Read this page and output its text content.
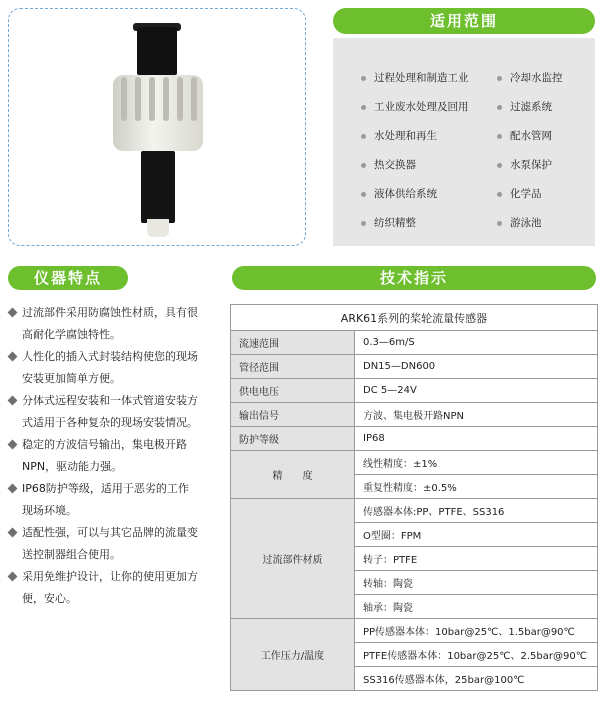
适用范围
过程处理和制造工业
工业废水处理及回用
水处理和再生
热交换器
液体供给系统
纺织精整
冷却水监控
过滤系统
配水管网
水泵保护
化学品
游泳池
仪器特点
过流部件采用防腐蚀性材质，具有很高耐化学腐蚀特性。
人性化的插入式封装结构使您的现场安装更加简单方便。
分体式远程安装和一体式管道安装方式适用于各种复杂的现场安装情况。
稳定的方波信号输出，集电极开路NPN，驱动能力强。
IP68防护等级，适用于恶劣的工作现场环境。
适配性强，可以与其它品牌的流量变送控制器组合使用。
采用免维护设计，让你的使用更加方便，安心。
技术指示
ARK61系列的桨轮流量传感器	
流速范围	0.3—6m/S
管径范围	DN15—DN600
供电电压	DC 5—24V
输出信号	方波、集电极开路NPN
防护等级	IP68
精　　度	线性精度：±1%
	重复性精度：±0.5%
过流部件材质	传感器本体:PP、PTFE、SS316
	O型圈：FPM
	转子：PTFE
	转轴：陶瓷
	轴承：陶瓷
工作压力/温度	PP传感器本体：10bar@25℃、1.5bar@90℃
	PTFE传感器本体：10bar@25℃、2.5bar@90℃
	SS316传感器本体，25bar@100℃
